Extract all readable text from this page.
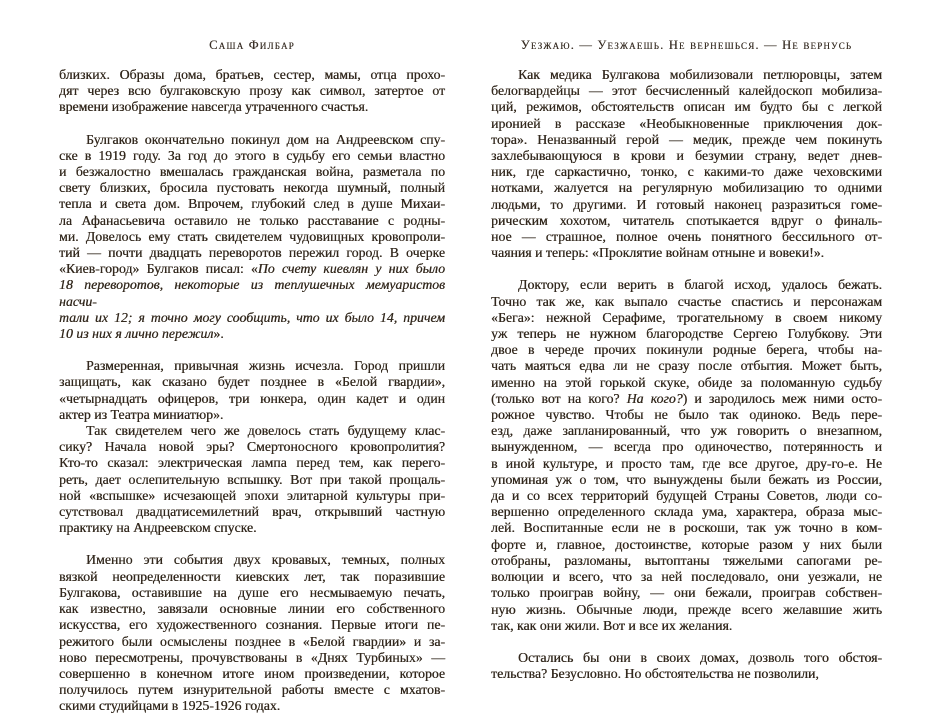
Саша Филбар
близких. Образы дома, братьев, сестер, мамы, отца прохо-
дят через всю булгаковскую прозу как символ, затертое от
времени изображение навсегда утраченного счастья.
Булгаков окончательно покинул дом на Андреевском спу-
ске в 1919 году. За год до этого в судьбу его семьи властно
и безжалостно вмешалась гражданская война, разметала по
свету близких, бросила пустовать некогда шумный, полный
тепла и света дом. Впрочем, глубокий след в душе Михаи-
ла Афанасьевича оставило не только расставание с родны-
ми. Довелось ему стать свидетелем чудовищных кровопроли-
тий — почти двадцать переворотов пережил город. В очерке
«Киев-город» Булгаков писал: «По счету киевлян у них было
18 переворотов, некоторые из теплушечных мемуаристов насчи-
тали их 12; я точно могу сообщить, что их было 14, причем
10 из них я лично пережил».
Размеренная, привычная жизнь исчезла. Город пришли
защищать, как сказано будет позднее в «Белой гвардии»,
«четырнадцать офицеров, три юнкера, один кадет и один
актер из Театра миниатюр».
Так свидетелем чего же довелось стать будущему клас-
сику? Начала новой эры? Смертоносного кровопролития?
Кто-то сказал: электрическая лампа перед тем, как перего-
реть, дает ослепительную вспышку. Вот при такой прощаль-
ной «вспышке» исчезающей эпохи элитарной культуры при-
сутствовал двадцатисемилетний врач, открывший частную
практику на Андреевском спуске.
Именно эти события двух кровавых, темных, полных
вязкой неопределенности киевских лет, так поразившие
Булгакова, оставившие на душе его несмываемую печать,
как известно, завязали основные линии его собственного
искусства, его художественного сознания. Первые итоги пе-
режитого были осмыслены позднее в «Белой гвардии» и за-
ново пересмотрены, прочувствованы в «Днях Турбиных» —
совершенно в конечном итоге ином произведении, которое
получилось путем изнурительной работы вместе с мхатов-
скими студийцами в 1925-1926 годах.
Уезжаю. — Уезжаешь. Не вернешься. — Не вернусь
Как медика Булгакова мобилизовали петлюровцы, затем
белогвардейцы — этот бесчисленный калейдоскоп мобилиза-
ций, режимов, обстоятельств описан им будто бы с легкой
иронией в рассказе «Необыкновенные приключения док-
тора». Неназванный герой — медик, прежде чем покинуть
захлебывающуюся в крови и безумии страну, ведет днев-
ник, где саркастично, тонко, с какими-то даже чеховскими
нотками, жалуется на регулярную мобилизацию то одними
людьми, то другими. И готовый наконец разразиться гоме-
рическим хохотом, читатель спотыкается вдруг о финаль-
ное — страшное, полное очень понятного бессильного от-
чаяния и теперь: «Проклятие войнам отныне и вовеки!».
Доктору, если верить в благой исход, удалось бежать.
Точно так же, как выпало счастье спастись и персонажам
«Бега»: нежной Серафиме, трогательному в своем никому
уж теперь не нужном благородстве Сергею Голубкову. Эти
двое в череде прочих покинули родные берега, чтобы на-
чать маяться едва ли не сразу после отбытия. Может быть,
именно на этой горькой скуке, обиде за поломанную судьбу
(только вот на кого? На кого?) и зародилось меж ними осто-
рожное чувство. Чтобы не было так одиноко. Ведь пере-
езд, даже запланированный, что уж говорить о внезапном,
вынужденном, — всегда про одиночество, потерянность и
в иной культуре, и просто там, где все другое, дру-го-е. Не
упоминая уж о том, что вынуждены были бежать из России,
да и со всех территорий будущей Страны Советов, люди со-
вершенно определенного склада ума, характера, образа мыс-
лей. Воспитанные если не в роскоши, так уж точно в ком-
форте и, главное, достоинстве, которые разом у них были
отобраны, разломаны, вытоптаны тяжелыми сапогами ре-
волюции и всего, что за ней последовало, они уезжали, не
только проиграв войну, — они бежали, проиграв собствен-
ную жизнь. Обычные люди, прежде всего желавшие жить
так, как они жили. Вот и все их желания.
Остались бы они в своих домах, дозволь того обстоя-
тельства? Безусловно. Но обстоятельства не позволили,
